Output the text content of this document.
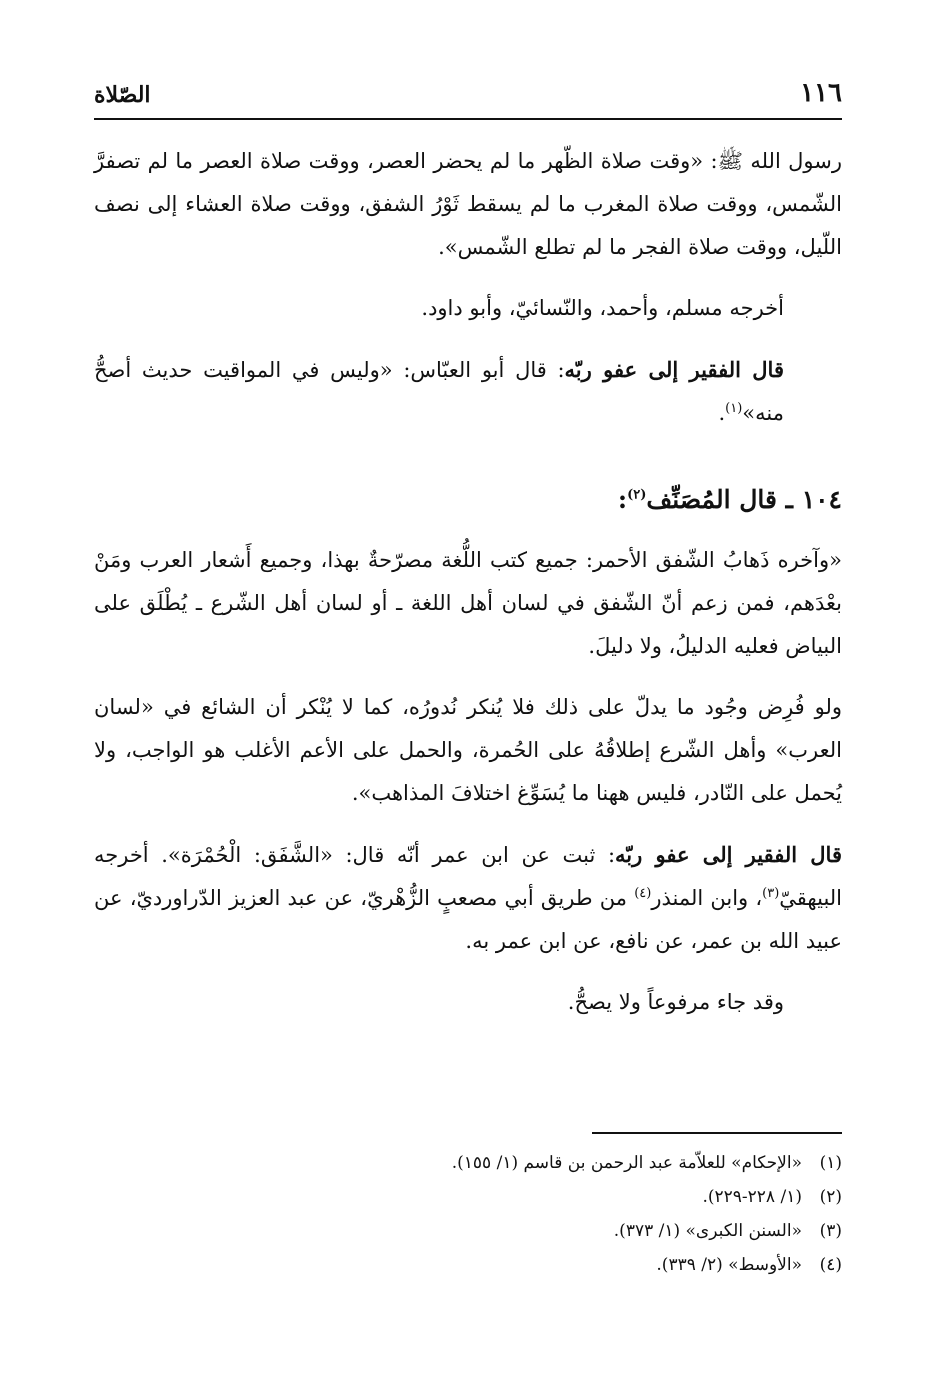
١١٦
الصّلاة

رسول الله ﷺ: «وقت صلاة الظّهر ما لم يحضر العصر، ووقت صلاة العصر ما لم تصفرَّ الشّمس، ووقت صلاة المغرب ما لم يسقط ثَوْرُ الشفق، ووقت صلاة العشاء إلى نصف اللّيل، ووقت صلاة الفجر ما لم تطلع الشّمس».

أخرجه مسلم، وأحمد، والنّسائيّ، وأبو داود.

قال الفقير إلى عفو ربّه: قال أبو العبّاس: «وليس في المواقيت حديث أصحُّ منه»$^{(١)}$.

١٠٤ ـ قال المُصَنِّف$^{(٢)}$:

«وآخره ذَهابُ الشّفق الأحمر: جميع كتب اللُّغة مصرّحةٌ بهذا، وجميع أَشعار العرب ومَنْ بعْدَهم، فمن زعم أنّ الشّفق في لسان أهل اللغة ـ أو لسان أهل الشّرع ـ يُطْلَق على البياض فعليه الدليلُ، ولا دليلَ.

ولو فُرِض وجُود ما يدلّ على ذلك فلا يُنكر نُدورُه، كما لا يُنْكر أن الشائع في «لسان العرب» وأهل الشّرع إطلاقُهُ على الحُمرة، والحمل على الأعم الأغلب هو الواجب، ولا يُحمل على النّادر، فليس ههنا ما يُسَوِّغ اختلافَ المذاهب».

قال الفقير إلى عفو ربّه: ثبت عن ابن عمر أنّه قال: «الشَّفَق: الْحُمْرَة». أخرجه البيهقيّ$^{(٣)}$، وابن المنذر$^{(٤)}$ من طريق أبي مصعبٍ الزُّهْريّ، عن عبد العزيز الدّراورديّ، عن عبيد الله بن عمر، عن نافع، عن ابن عمر به.

وقد جاء مرفوعاً ولا يصحُّ.

(١)«الإحكام» للعلاّمة عبد الرحمن بن قاسم (١/ ١٥٥).
(٢)(١/ ٢٢٨-٢٢٩).
(٣)«السنن الكبرى» (١/ ٣٧٣).
(٤)«الأوسط» (٢/ ٣٣٩).
